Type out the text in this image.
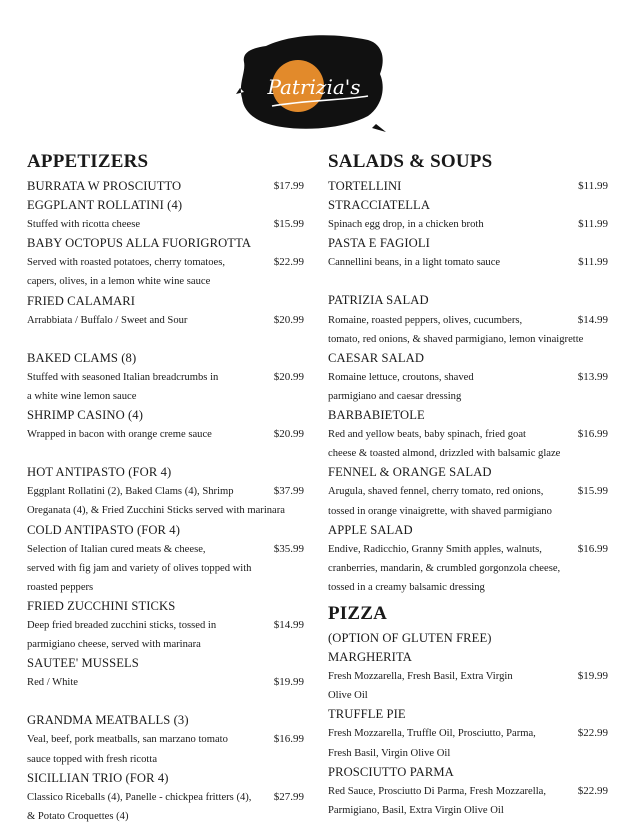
Patrizia's
APPETIZERS
BURRATA W PROSCIUTTO	$17.99
EGGPLANT ROLLATINI (4)
Stuffed with ricotta cheese	$15.99
BABY OCTOPUS ALLA FUORIGROTTA
Served with roasted potatoes, cherry tomatoes,	$22.99
capers, olives, in a lemon white wine sauce
FRIED CALAMARI
Arrabbiata / Buffalo / Sweet and Sour	$20.99
BAKED CLAMS (8)
Stuffed with seasoned Italian breadcrumbs in	$20.99
a white wine lemon sauce
SHRIMP CASINO (4)
Wrapped in bacon with orange creme sauce	$20.99
HOT ANTIPASTO (FOR 4)
Eggplant Rollatini (2), Baked Clams (4), Shrimp	$37.99
Oreganata (4), & Fried Zucchini Sticks served with marinara
COLD ANTIPASTO (FOR 4)
Selection of Italian cured meats & cheese,	$35.99
served with fig jam and variety of olives topped with
roasted peppers
FRIED ZUCCHINI STICKS
Deep fried breaded zucchini sticks, tossed in	$14.99
parmigiano cheese, served with marinara
SAUTEE' MUSSELS
Red / White	$19.99
GRANDMA MEATBALLS (3)
Veal, beef, pork meatballs, san marzano tomato	$16.99
sauce topped with fresh ricotta
SICILLIAN TRIO (FOR 4)
Classico Riceballs (4), Panelle - chickpea fritters (4), $27.99
& Potato Croquettes (4)
SALADS & SOUPS
TORTELLINI	$11.99
STRACCIATELLA
Spinach egg drop, in a chicken broth	$11.99
PASTA E FAGIOLI
Cannellini beans, in a light tomato sauce	$11.99
PATRIZIA SALAD
Romaine, roasted peppers, olives, cucumbers,	$14.99
tomato, red onions, & shaved parmigiano, lemon vinaigrette
CAESAR SALAD
Romaine lettuce, croutons, shaved	$13.99
parmigiano and caesar dressing
BARBABIETOLE
Red and yellow beats, baby spinach, fried goat	$16.99
cheese & toasted almond, drizzled with balsamic glaze
FENNEL & ORANGE SALAD
Arugula, shaved fennel, cherry tomato, red onions,	$15.99
tossed in orange vinaigrette, with shaved parmigiano
APPLE SALAD
Endive, Radicchio, Granny Smith apples, walnuts,	$16.99
cranberries, mandarin, & crumbled gorgonzola cheese,
tossed in a creamy balsamic dressing
PIZZA
(OPTION OF GLUTEN FREE)
MARGHERITA
Fresh Mozzarella, Fresh Basil, Extra Virgin	$19.99
Olive Oil
TRUFFLE PIE
Fresh Mozzarella, Truffle Oil, Prosciutto, Parma,	$22.99
Fresh Basil, Virgin Olive Oil
PROSCIUTTO PARMA
Red Sauce, Prosciutto Di Parma, Fresh Mozzarella,	$22.99
Parmigiano, Basil, Extra Virgin Olive Oil
